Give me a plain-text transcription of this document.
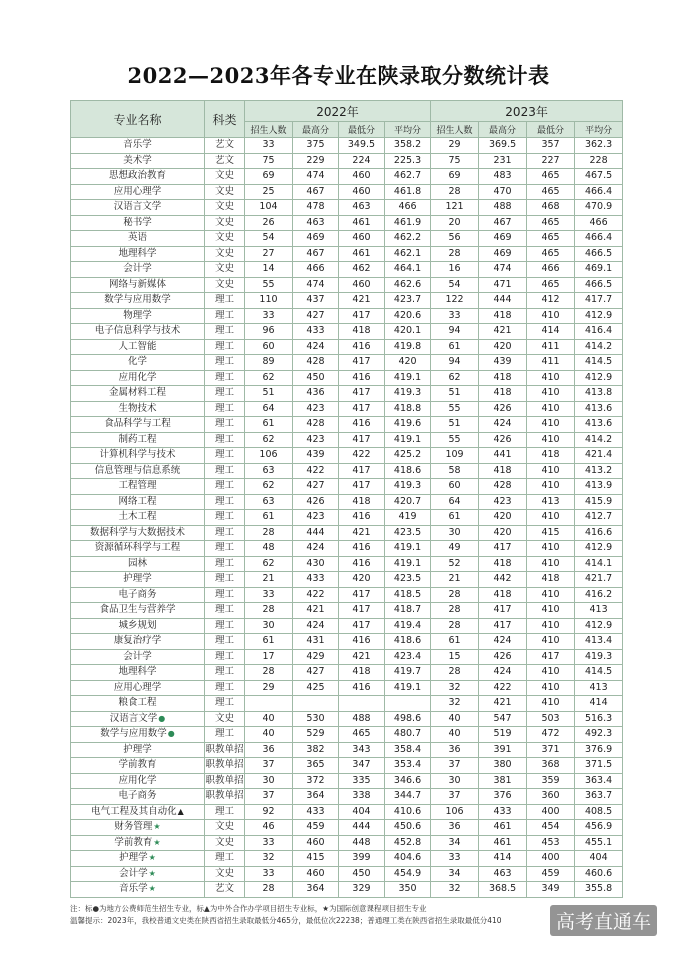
2022—2023年各专业在陕录取分数统计表
专业名称	科类	2022年				2023年			
		招生人数	最高分	最低分	平均分	招生人数	最高分	最低分	平均分
音乐学	艺文	33	375	349.5	358.2	29	369.5	357	362.3
美术学	艺文	75	229	224	225.3	75	231	227	228
思想政治教育	文史	69	474	460	462.7	69	483	465	467.5
应用心理学	文史	25	467	460	461.8	28	470	465	466.4
汉语言文学	文史	104	478	463	466	121	488	468	470.9
秘书学	文史	26	463	461	461.9	20	467	465	466
英语	文史	54	469	460	462.2	56	469	465	466.4
地理科学	文史	27	467	461	462.1	28	469	465	466.5
会计学	文史	14	466	462	464.1	16	474	466	469.1
网络与新媒体	文史	55	474	460	462.6	54	471	465	466.5
数学与应用数学	理工	110	437	421	423.7	122	444	412	417.7
物理学	理工	33	427	417	420.6	33	418	410	412.9
电子信息科学与技术	理工	96	433	418	420.1	94	421	414	416.4
人工智能	理工	60	424	416	419.8	61	420	411	414.2
化学	理工	89	428	417	420	94	439	411	414.5
应用化学	理工	62	450	416	419.1	62	418	410	412.9
金属材料工程	理工	51	436	417	419.3	51	418	410	413.8
生物技术	理工	64	423	417	418.8	55	426	410	413.6
食品科学与工程	理工	61	428	416	419.6	51	424	410	413.6
制药工程	理工	62	423	417	419.1	55	426	410	414.2
计算机科学与技术	理工	106	439	422	425.2	109	441	418	421.4
信息管理与信息系统	理工	63	422	417	418.6	58	418	410	413.2
工程管理	理工	62	427	417	419.3	60	428	410	413.9
网络工程	理工	63	426	418	420.7	64	423	413	415.9
土木工程	理工	61	423	416	419	61	420	410	412.7
数据科学与大数据技术	理工	28	444	421	423.5	30	420	415	416.6
资源循环科学与工程	理工	48	424	416	419.1	49	417	410	412.9
园林	理工	62	430	416	419.1	52	418	410	414.1
护理学	理工	21	433	420	423.5	21	442	418	421.7
电子商务	理工	33	422	417	418.5	28	418	410	416.2
食品卫生与营养学	理工	28	421	417	418.7	28	417	410	413
城乡规划	理工	30	424	417	419.4	28	417	410	412.9
康复治疗学	理工	61	431	416	418.6	61	424	410	413.4
会计学	理工	17	429	421	423.4	15	426	417	419.3
地理科学	理工	28	427	418	419.7	28	424	410	414.5
应用心理学	理工	29	425	416	419.1	32	422	410	413
粮食工程	理工					32	421	410	414
汉语言文学●	文史	40	530	488	498.6	40	547	503	516.3
数学与应用数学●	理工	40	529	465	480.7	40	519	472	492.3
护理学	职教单招	36	382	343	358.4	36	391	371	376.9
学前教育	职教单招	37	365	347	353.4	37	380	368	371.5
应用化学	职教单招	30	372	335	346.6	30	381	359	363.4
电子商务	职教单招	37	364	338	344.7	37	376	360	363.7
电气工程及其自动化▲	理工	92	433	404	410.6	106	433	400	408.5
财务管理★	文史	46	459	444	450.6	36	461	454	456.9
学前教育★	文史	33	460	448	452.8	34	461	453	455.1
护理学★	理工	32	415	399	404.6	33	414	400	404
会计学★	文史	33	460	450	454.9	34	463	459	460.6
音乐学★	艺文	28	364	329	350	32	368.5	349	355.8
注：标●为地方公费师范生招生专业，标▲为中外合作办学项目招生专业标，★为国际创意课程项目招生专业
温馨提示：2023年，我校普通文史类在陕西省招生录取最低分465分，最低位次22238；普通理工类在陕西省招生录取最低分410	高考直通车
